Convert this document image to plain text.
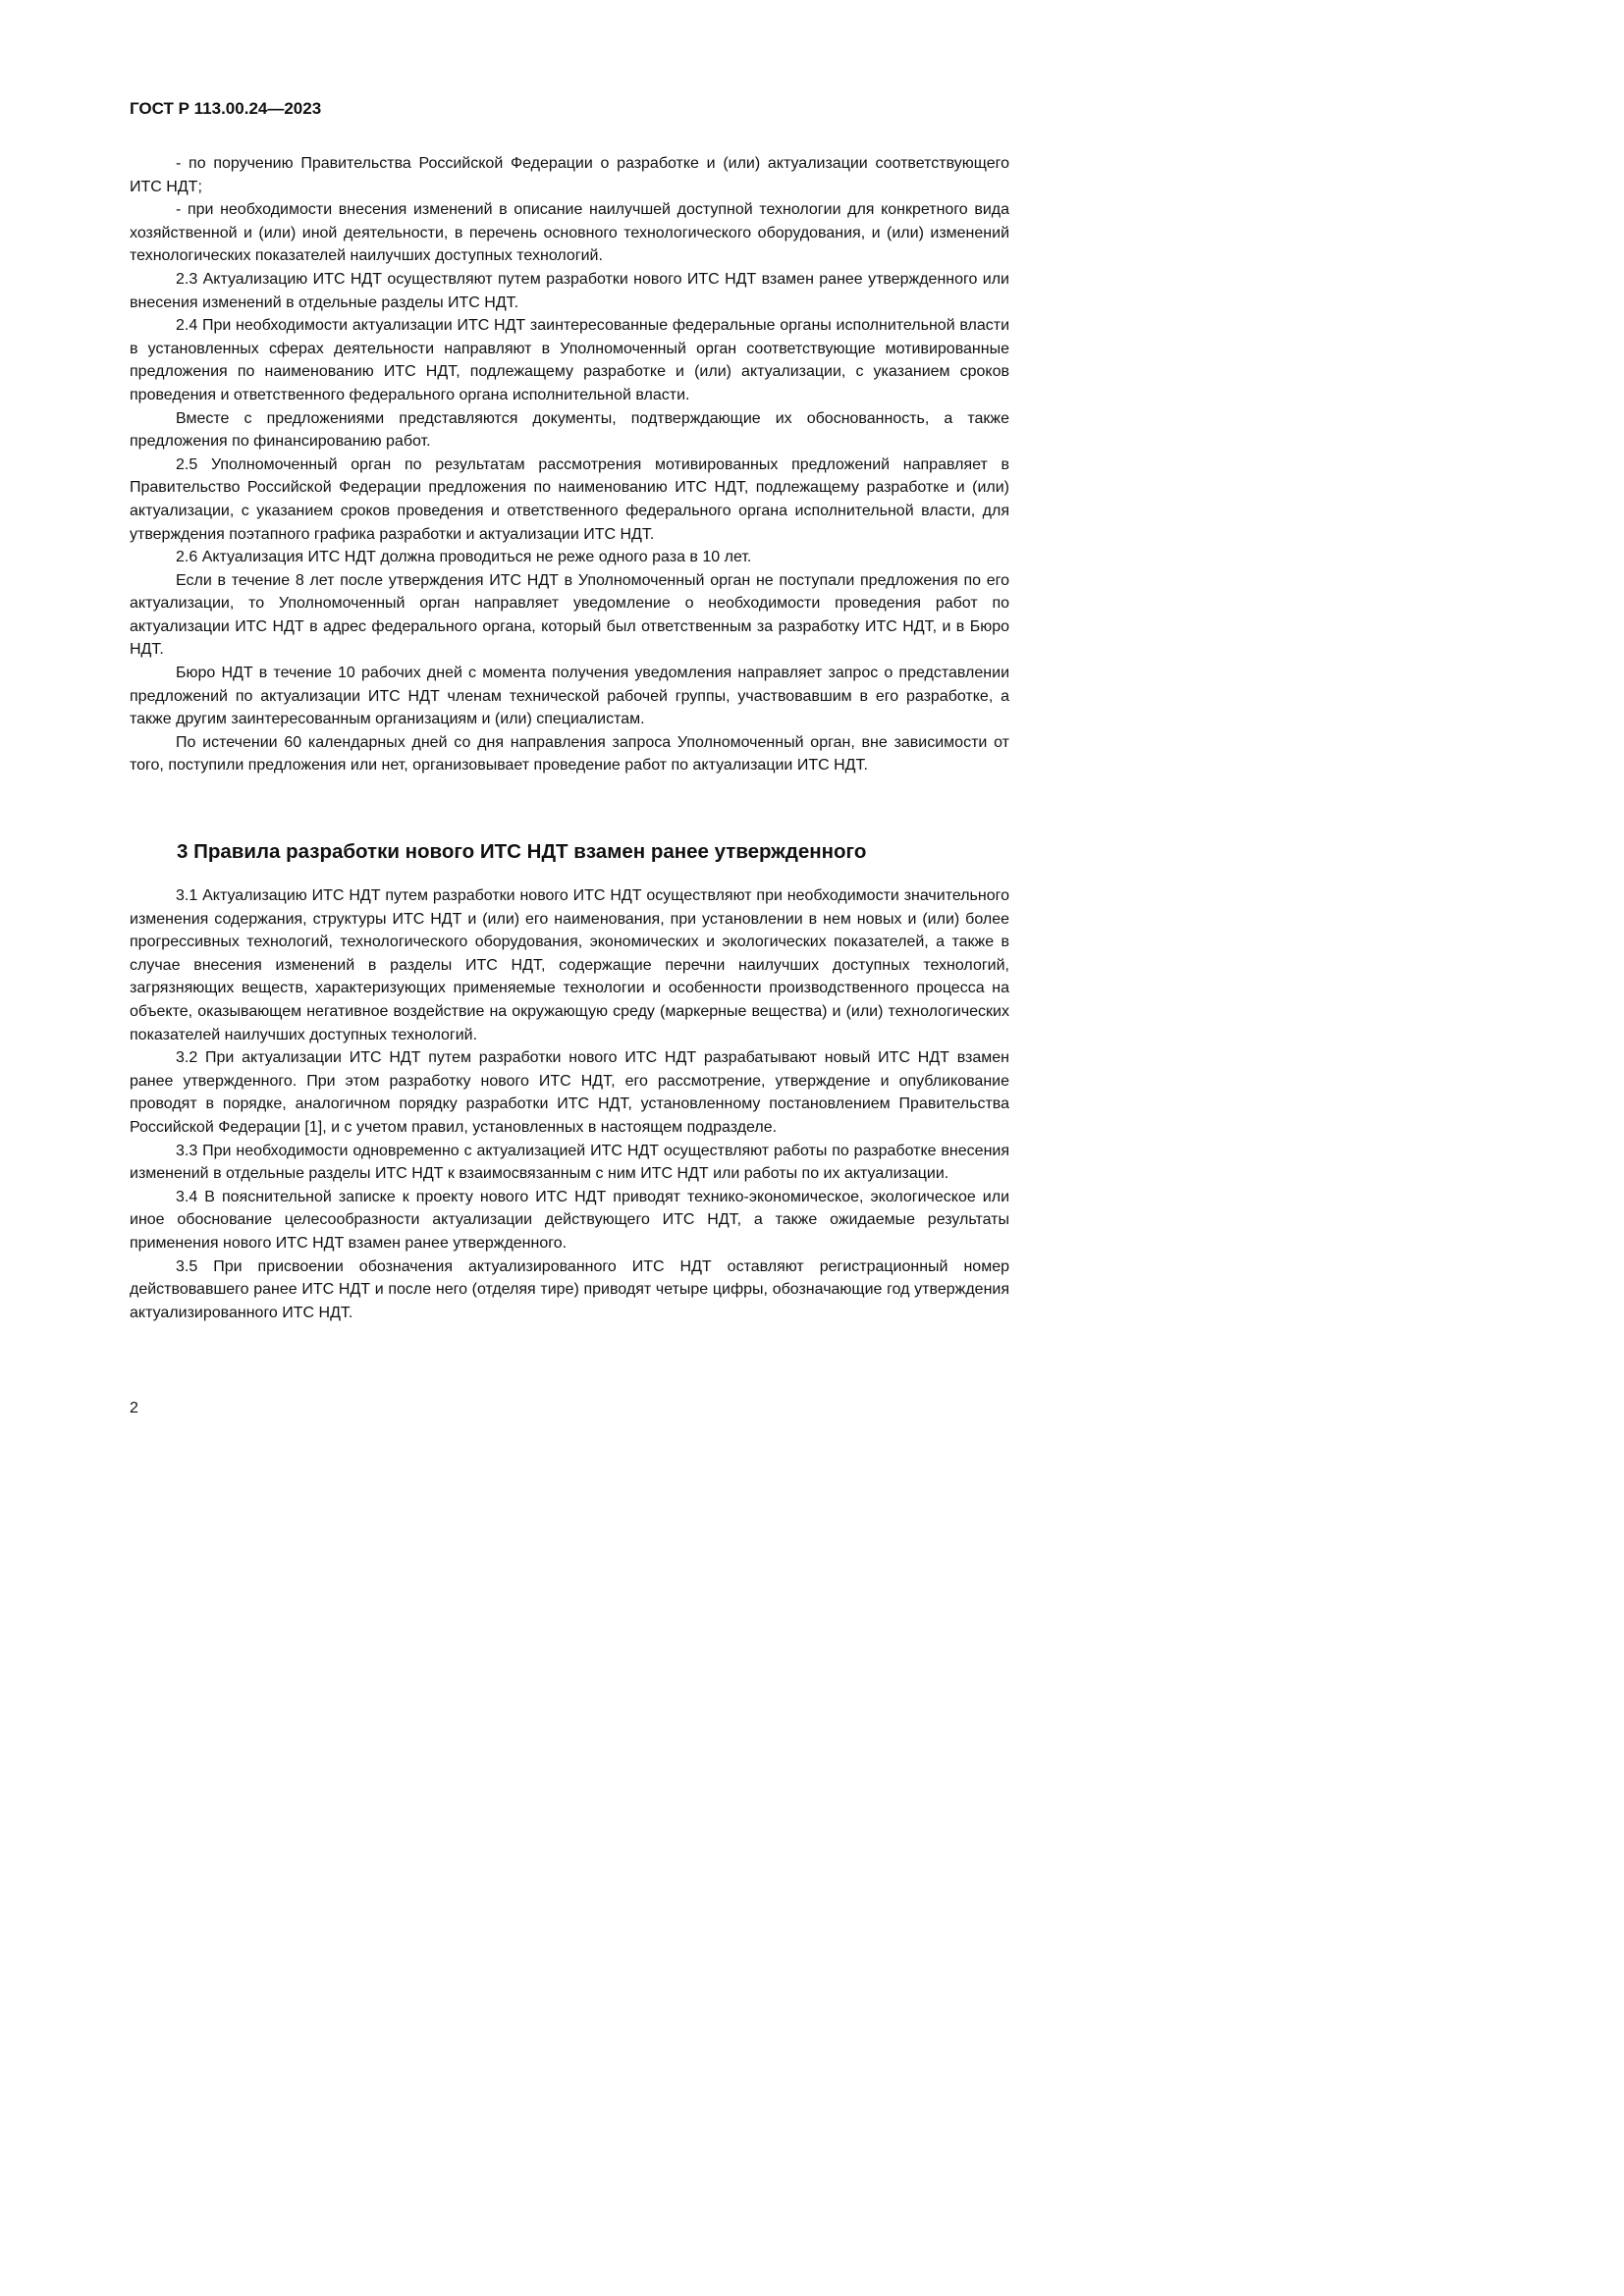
ГОСТ Р 113.00.24—2023

- по поручению Правительства Российской Федерации о разработке и (или) актуализации соответствующего ИТС НДТ;

- при необходимости внесения изменений в описание наилучшей доступной технологии для конкретного вида хозяйственной и (или) иной деятельности, в перечень основного технологического оборудования, и (или) изменений технологических показателей наилучших доступных технологий.

2.3 Актуализацию ИТС НДТ осуществляют путем разработки нового ИТС НДТ взамен ранее утвержденного или внесения изменений в отдельные разделы ИТС НДТ.

2.4 При необходимости актуализации ИТС НДТ заинтересованные федеральные органы исполнительной власти в установленных сферах деятельности направляют в Уполномоченный орган соответствующие мотивированные предложения по наименованию ИТС НДТ, подлежащему разработке и (или) актуализации, с указанием сроков проведения и ответственного федерального органа исполнительной власти.

Вместе с предложениями представляются документы, подтверждающие их обоснованность, а также предложения по финансированию работ.

2.5 Уполномоченный орган по результатам рассмотрения мотивированных предложений направляет в Правительство Российской Федерации предложения по наименованию ИТС НДТ, подлежащему разработке и (или) актуализации, с указанием сроков проведения и ответственного федерального органа исполнительной власти, для утверждения поэтапного графика разработки и актуализации ИТС НДТ.

2.6 Актуализация ИТС НДТ должна проводиться не реже одного раза в 10 лет.

Если в течение 8 лет после утверждения ИТС НДТ в Уполномоченный орган не поступали предложения по его актуализации, то Уполномоченный орган направляет уведомление о необходимости проведения работ по актуализации ИТС НДТ в адрес федерального органа, который был ответственным за разработку ИТС НДТ, и в Бюро НДТ.

Бюро НДТ в течение 10 рабочих дней с момента получения уведомления направляет запрос о представлении предложений по актуализации ИТС НДТ членам технической рабочей группы, участвовавшим в его разработке, а также другим заинтересованным организациям и (или) специалистам.

По истечении 60 календарных дней со дня направления запроса Уполномоченный орган, вне зависимости от того, поступили предложения или нет, организовывает проведение работ по актуализации ИТС НДТ.

3 Правила разработки нового ИТС НДТ взамен ранее утвержденного

3.1 Актуализацию ИТС НДТ путем разработки нового ИТС НДТ осуществляют при необходимости значительного изменения содержания, структуры ИТС НДТ и (или) его наименования, при установлении в нем новых и (или) более прогрессивных технологий, технологического оборудования, экономических и экологических показателей, а также в случае внесения изменений в разделы ИТС НДТ, содержащие перечни наилучших доступных технологий, загрязняющих веществ, характеризующих применяемые технологии и особенности производственного процесса на объекте, оказывающем негативное воздействие на окружающую среду (маркерные вещества) и (или) технологических показателей наилучших доступных технологий.

3.2 При актуализации ИТС НДТ путем разработки нового ИТС НДТ разрабатывают новый ИТС НДТ взамен ранее утвержденного. При этом разработку нового ИТС НДТ, его рассмотрение, утверждение и опубликование проводят в порядке, аналогичном порядку разработки ИТС НДТ, установленному постановлением Правительства Российской Федерации [1], и с учетом правил, установленных в настоящем подразделе.

3.3 При необходимости одновременно с актуализацией ИТС НДТ осуществляют работы по разработке внесения изменений в отдельные разделы ИТС НДТ к взаимосвязанным с ним ИТС НДТ или работы по их актуализации.

3.4 В пояснительной записке к проекту нового ИТС НДТ приводят технико-экономическое, экологическое или иное обоснование целесообразности актуализации действующего ИТС НДТ, а также ожидаемые результаты применения нового ИТС НДТ взамен ранее утвержденного.

3.5 При присвоении обозначения актуализированного ИТС НДТ оставляют регистрационный номер действовавшего ранее ИТС НДТ и после него (отделяя тире) приводят четыре цифры, обозначающие год утверждения актуализированного ИТС НДТ.

2
